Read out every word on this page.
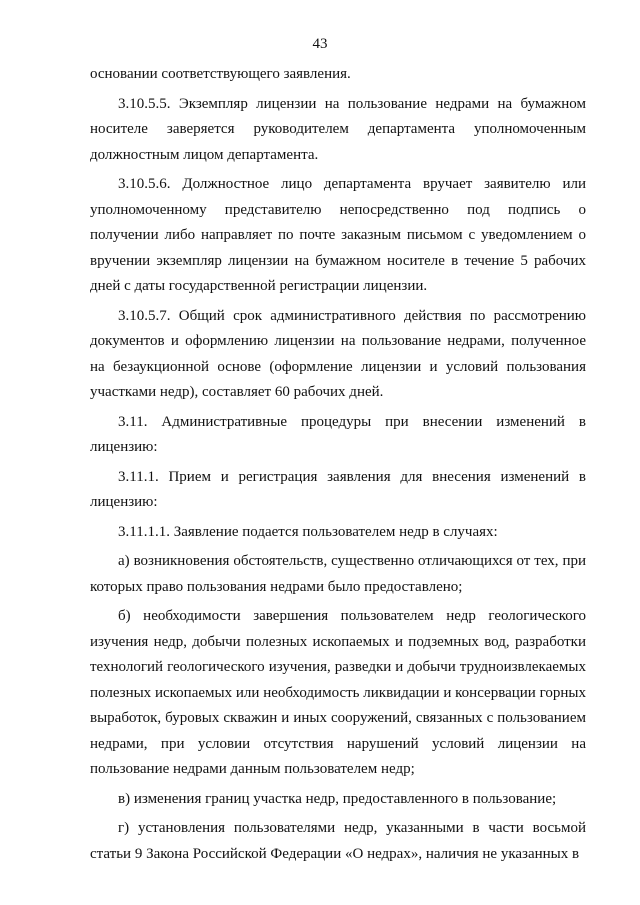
43

основании соответствующего заявления.

3.10.5.5. Экземпляр лицензии на пользование недрами на бумажном носителе заверяется руководителем департамента уполномоченным должностным лицом департамента.

3.10.5.6. Должностное лицо департамента вручает заявителю или уполномоченному представителю непосредственно под подпись о получении либо направляет по почте заказным письмом с уведомлением о вручении экземпляр лицензии на бумажном носителе в течение 5 рабочих дней с даты государственной регистрации лицензии.

3.10.5.7. Общий срок административного действия по рассмотрению документов и оформлению лицензии на пользование недрами, полученное на безаукционной основе (оформление лицензии и условий пользования участками недр), составляет 60 рабочих дней.

3.11. Административные процедуры при внесении изменений в лицензию:

3.11.1. Прием и регистрация заявления для внесения изменений в лицензию:

3.11.1.1. Заявление подается пользователем недр в случаях:

а) возникновения обстоятельств, существенно отличающихся от тех, при которых право пользования недрами было предоставлено;

б) необходимости завершения пользователем недр геологического изучения недр, добычи полезных ископаемых и подземных вод, разработки технологий геологического изучения, разведки и добычи трудноизвлекаемых полезных ископаемых или необходимость ликвидации и консервации горных выработок, буровых скважин и иных сооружений, связанных с пользованием недрами, при условии отсутствия нарушений условий лицензии на пользование недрами данным пользователем недр;

в) изменения границ участка недр, предоставленного в пользование;

г) установления пользователями недр, указанными в части восьмой статьи 9 Закона Российской Федерации «О недрах», наличия не указанных в
